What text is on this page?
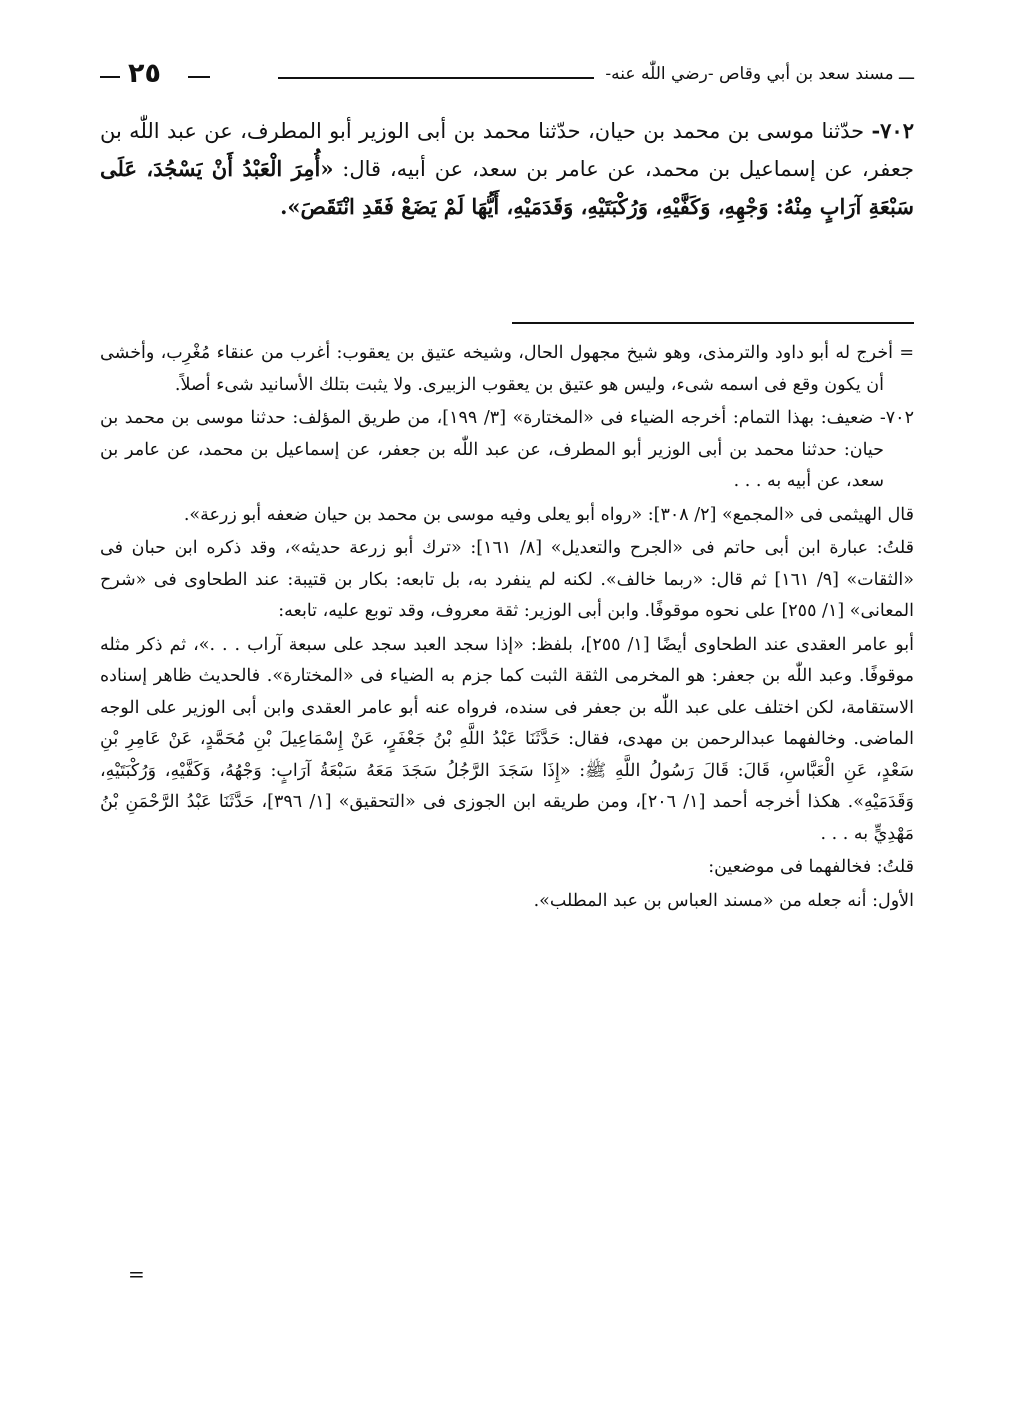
ـــ مسند سعد بن أبي وقاص -رضي اللّٰه عنه-
٢٥

٧٠٢- حدّثنا موسى بن محمد بن حيان، حدّثنا محمد بن أبى الوزير أبو المطرف، عن عبد اللّٰه بن جعفر، عن إسماعيل بن محمد، عن عامر بن سعد، عن أبيه، قال: «أُمِرَ الْعَبْدُ أَنْ يَسْجُدَ، عَلَى سَبْعَةِ آرَابٍ مِنْهُ: وَجْهِهِ، وَكَفَّيْهِ، وَرُكْبَتَيْهِ، وَقَدَمَيْهِ، أَيُّهَا لَمْ يَضَعْ فَقَدِ انْتَقَصَ».

= أخرج له أبو داود والترمذى، وهو شيخ مجهول الحال، وشيخه عتيق بن يعقوب: أغرب من عنقاء مُغْرِب، وأخشى أن يكون وقع فى اسمه شىء، وليس هو عتيق بن يعقوب الزبيرى. ولا يثبت بتلك الأسانيد شىء أصلاً.

٧٠٢- ضعيف: بهذا التمام: أخرجه الضياء فى «المختارة» [٣/ ١٩٩]، من طريق المؤلف: حدثنا موسى بن محمد بن حيان: حدثنا محمد بن أبى الوزير أبو المطرف، عن عبد اللّٰه بن جعفر، عن إسماعيل بن محمد، عن عامر بن سعد، عن أبيه به . . .

قال الهيثمى فى «المجمع» [٢/ ٣٠٨]: «رواه أبو يعلى وفيه موسى بن محمد بن حيان ضعفه أبو زرعة».

قلتُ: عبارة ابن أبى حاتم فى «الجرح والتعديل» [٨/ ١٦١]: «ترك أبو زرعة حديثه»، وقد ذكره ابن حبان فى «الثقات» [٩/ ١٦١] ثم قال: «ربما خالف». لكنه لم ينفرد به، بل تابعه: بكار بن قتيبة: عند الطحاوى فى «شرح المعانى» [١/ ٢٥٥] على نحوه موقوفًا. وابن أبى الوزير: ثقة معروف، وقد توبع عليه، تابعه:

أبو عامر العقدى عند الطحاوى أيضًا [١/ ٢٥٥]، بلفظ: «إذا سجد العبد سجد على سبعة آراب . . .»، ثم ذكر مثله موقوفًا. وعبد اللّٰه بن جعفر: هو المخرمى الثقة الثبت كما جزم به الضياء فى «المختارة». فالحديث ظاهر إسناده الاستقامة، لكن اختلف على عبد اللّٰه بن جعفر فى سنده، فرواه عنه أبو عامر العقدى وابن أبى الوزير على الوجه الماضى. وخالفهما عبدالرحمن بن مهدى، فقال: حَدَّثَنَا عَبْدُ اللَّهِ بْنُ جَعْفَرٍ، عَنْ إِسْمَاعِيلَ بْنِ مُحَمَّدٍ، عَنْ عَامِرِ بْنِ سَعْدٍ، عَنِ الْعَبَّاسِ، قَالَ: قَالَ رَسُولُ اللَّهِ ﷺ: «إِذَا سَجَدَ الرَّجُلُ سَجَدَ مَعَهُ سَبْعَةُ آرَابٍ: وَجْهُهُ، وَكَفَّيْهِ، وَرُكْبَتَيْهِ، وَقَدَمَيْهِ». هكذا أخرجه أحمد [١/ ٢٠٦]، ومن طريقه ابن الجوزى فى «التحقيق» [١/ ٣٩٦]، حَدَّثَنَا عَبْدُ الرَّحْمَنِ بْنُ مَهْدِيٍّ به . . .

قلتُ: فخالفهما فى موضعين:

الأول: أنه جعله من «مسند العباس بن عبد المطلب».

=
